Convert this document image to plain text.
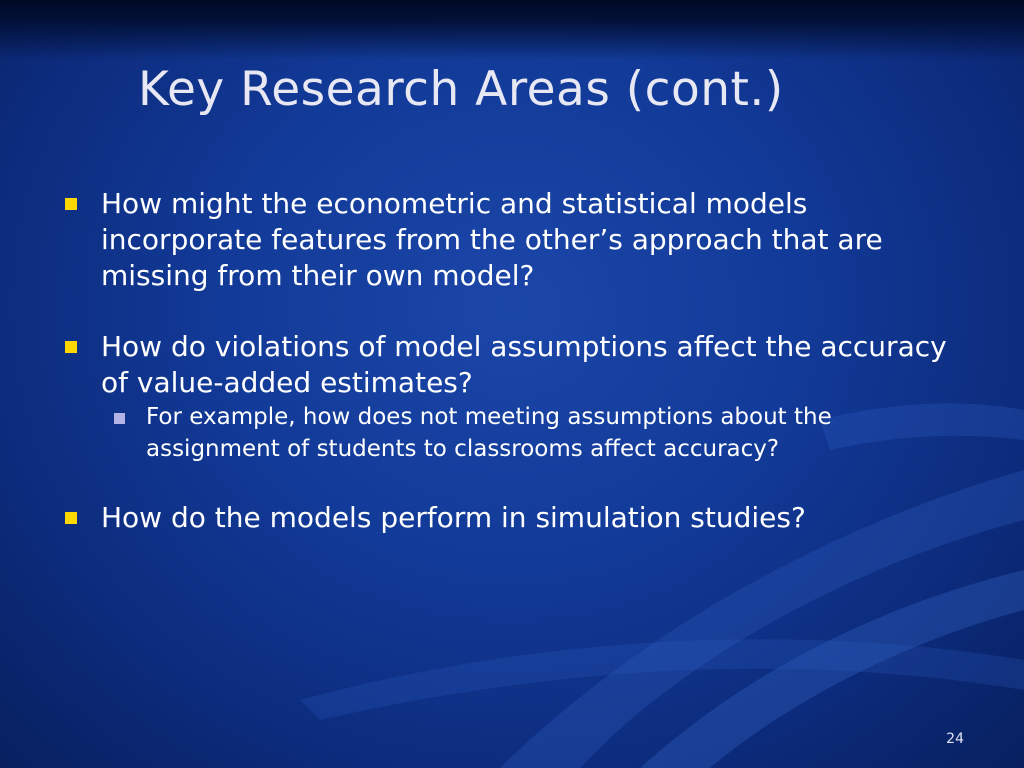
Key Research Areas (cont.)
How might the econometric and statistical models incorporate features from the other’s approach that are missing from their own model?
How do violations of model assumptions affect the accuracy of value-added estimates?
For example, how does not meeting assumptions about the assignment of students to classrooms affect accuracy?
How do the models perform in simulation studies?
24
